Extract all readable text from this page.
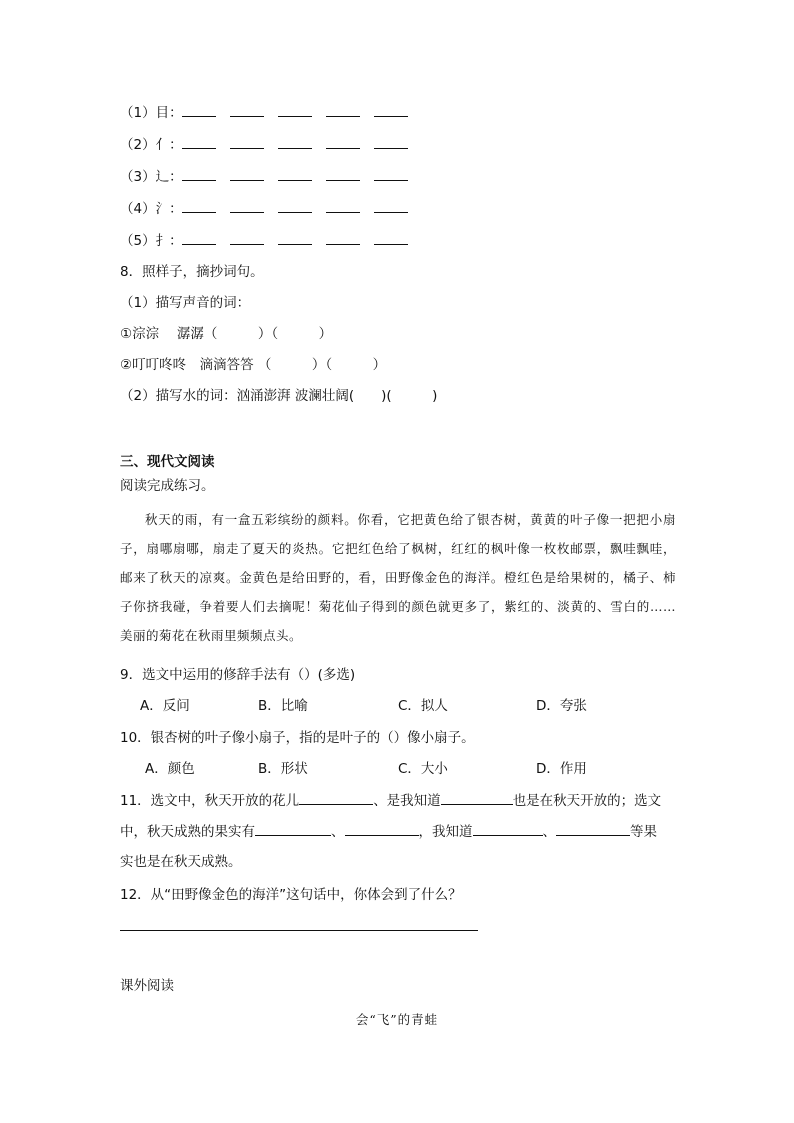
（1）目：
（2）亻：
（3）辶：
（4）氵：
（5）扌：
8．照样子，摘抄词句。
（1）描写声音的词：
①淙淙　 潺潺（　　　）（　　　）
②叮叮咚咚　滴滴答答 （　　　）（　　　）
（2）描写水的词：汹涌澎湃 波澜壮阔(　　)(　　　)
三、现代文阅读
阅读完成练习。
秋天的雨，有一盒五彩缤纷的颜料。你看，它把黄色给了银杏树，黄黄的叶子像一把把小扇子，扇哪扇哪，扇走了夏天的炎热。它把红色给了枫树，红红的枫叶像一枚枚邮票，飘哇飘哇，邮来了秋天的凉爽。金黄色是给田野的，看，田野像金色的海洋。橙红色是给果树的，橘子、柿子你挤我碰，争着要人们去摘呢！菊花仙子得到的颜色就更多了，紫红的、淡黄的、雪白的……美丽的菊花在秋雨里频频点头。
9．选文中运用的修辞手法有（）(多选)
A．反问	B．比喻	C．拟人	D．夸张
10．银杏树的叶子像小扇子，指的是叶子的（）像小扇子。
A．颜色	B．形状	C．大小	D．作用
11．选文中，秋天开放的花儿	、是我知道	也是在秋天开放的；选文
中，秋天成熟的果实有	、	，我知道	、	等果
实也是在秋天成熟。
12．从“田野像金色的海洋”这句话中，你体会到了什么？
课外阅读
会“飞”的青蛙
